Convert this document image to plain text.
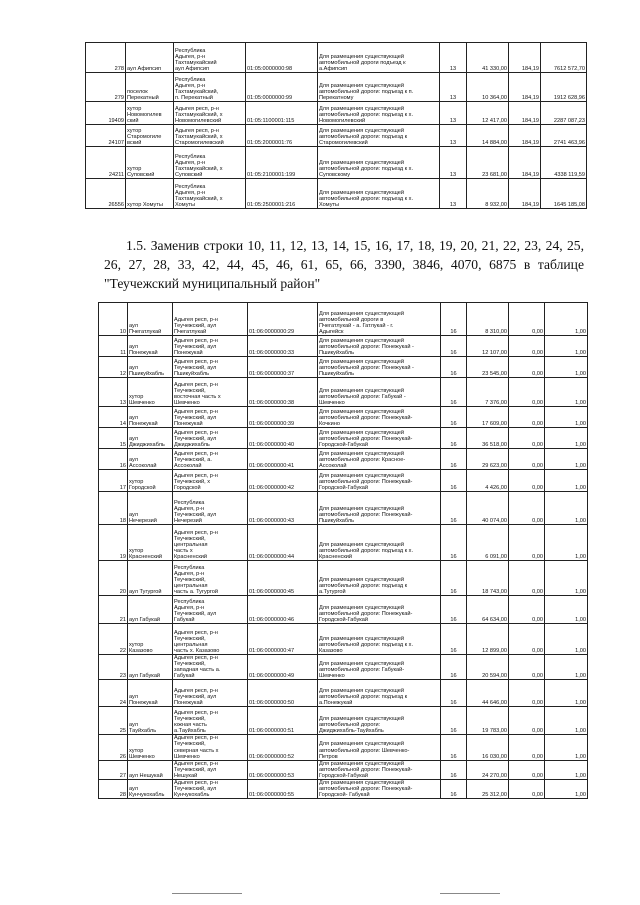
278	аул Афипсип	Республика
Адыгея, р-н
Тахтамукайский
аул Афипсип	01:05:0000000:98	Для размещения существующей
автомобильной дороги подъезд к
а.Афипсип	13	41 330,00	184,19	7612 572,70
279	поселок
Перекатный	Республика
Адыгея, р-н
Тахтамукайский,
п. Перекатный	01:05:0000000:99	Для размещения существующей
автомобильной дороги: подъезд к п.
Перекатному	13	10 364,00	184,19	1912 628,96
19409	хутор
Новомогилев
ский	Адыгея респ, р-н
Тахтамукайский, х
Новомогилевский	01:05:1100001:115	Для размещения существующей
автомобильной дороги: подъезд к х.
Новомогилевский	13	12 417,00	184,19	2287 087,23
24107	хутор
Старомогиле
вский	Адыгея респ, р-н
Тахтамукайский, х
Старомогилевский	01:05:2000001:76	Для размещения существующей
автомобильной дороги: подъезд к
Старомогилевский	13	14 884,00	184,19	2741 463,96
24211	хутор
Суповский	Республика
Адыгея, р-н
Тахтамукайский, х
Суповский	01:05:2100001:199	Для размещения существующей
автомобильной дороги: подъезд к х.
Суповскому	13	23 681,00	184,19	4338 119,59
26556	хутор Хомуты	Республика
Адыгея, р-н
Тахтамукайский, х
Хомуты	01:05:2500001:216	Для размещения существующей
автомобильной дороги: подъезд к х.
Хомуты	13	8 932,00	184,19	1645 185,08
1.5. Заменив строки 10, 11, 12, 13, 14, 15, 16, 17, 18, 19, 20, 21, 22, 23, 24, 25, 26, 27, 28, 33, 42, 44, 45, 46, 61, 65, 66, 3390, 3846, 4070, 6875 в таблице "Теучежский муниципальный район"
10	аул
Пчегатлукай	Адыгея респ, р-н
Теучежский, аул
Пчегатлукай	01:06:0000000:29	Для размещения существующей
автомобильной дороги в
Пчегатлукай - а. Гатлукай - г.
Адыгейск	16	8 310,00	0,00	1,00
11	аул
Понежукай	Адыгея респ, р-н
Теучежский, аул
Понежукай	01:06:0000000:33	Для размещения существующей
автомобильной дороги: Понежукай -
Пшикуйхабль	16	12 107,00	0,00	1,00
12	аул
Пшикуйхабль	Адыгея респ, р-н
Теучежский, аул
Пшикуйхабль	01:06:0000000:37	Для размещения существующей
автомобильной дороги: Понежукай -
Пшикуйхабль	16	23 545,00	0,00	1,00
13	хутор
Шевченко	Адыгея респ, р-н
Теучежский,
восточная часть х
Шевченко	01:06:0000000:38	Для размещения существующей
автомобильной дороги: Габукай -
Шевченко	16	7 376,00	0,00	1,00
14	аул
Понежукай	Адыгея респ, р-н
Теучежский, аул
Понежукай	01:06:0000000:39	Для размещения существующей
автомобильной дороги: Понежукай-
Кочкино	16	17 609,00	0,00	1,00
15	аул
Джиджихабль	Адыгея респ, р-н
Теучежский, аул
Джиджихабль	01:06:0000000:40	Для размещения существующей
автомобильной дороги: Понежукай-
Городской-Габукай	16	36 518,00	0,00	1,00
16	аул
Ассоколай	Адыгея респ, р-н
Теучежский, а.
Ассоколай	01:06:0000000:41	Для размещения существующей
автомобильной дороги: Красное-
Ассоколай	16	29 623,00	0,00	1,00
17	хутор
Городской	Адыгея респ, р-н
Теучежский, х
Городской	01:06:0000000:42	Для размещения существующей
автомобильной дороги: Понежукай-
Городской-Габукай	16	4 426,00	0,00	1,00
18	аул
Нечерезий	Республика
Адыгея, р-н
Теучежский, аул
Нечерезий	01:06:0000000:43	Для размещения существующей
автомобильной дороги: Понежукай-
Пшикуйхабль	16	40 074,00	0,00	1,00
19	хутор
Красненский	Адыгея респ, р-н
Теучежский,
центральная
часть х
Красненский	01:06:0000000:44	Для размещения существующей
автомобильной дороги: подъезд к х.
Красненский	16	6 091,00	0,00	1,00
20	аул Тугургой	Республика
Адыгея, р-н
Теучежский,
центральная
часть а. Тугургой	01:06:0000000:45	Для размещения существующей
автомобильной дороги: подъезд к
а.Тугургой	16	18 743,00	0,00	1,00
21	аул Габукай	Республика
Адыгея, р-н
Теучежский, аул
Габукай	01:06:0000000:46	Для размещения существующей
автомобильной дороги: Понежукай-
Городской-Габукай	16	64 634,00	0,00	1,00
22	хутор
Казазово	Адыгея респ, р-н
Теучежский,
центральная
часть х. Казазово	01:06:0000000:47	Для размещения существующей
автомобильной дороги: подъезд к х.
Казазово	16	12 899,00	0,00	1,00
23	аул Габукай	Адыгея респ, р-н
Теучежский,
западная часть а.
Габукай	01:06:0000000:49	Для размещения существующей
автомобильной дороги: Габукай-
Шевченко	16	20 594,00	0,00	1,00
24	аул
Понежукай	Адыгея респ, р-н
Теучежский, аул
Понежукай	01:06:0000000:50	Для размещения существующей
автомобильной дороги: подъезд к
а.Понежукай	16	44 646,00	0,00	1,00
25	аул
Тауйхабль	Адыгея респ, р-н
Теучежский,
южная часть
а.Тауйхабль	01:06:0000000:51	Для размещения существующей
автомобильной дороги:
Джиджихабль-Тауйхабль	16	19 783,00	0,00	1,00
26	хутор
Шевченко	Адыгея респ, р-н
Теучежский,
северная часть х
Шевченко	01:06:0000000:52	Для размещения существующей
автомобильной дороги: Шевченко-
Петров	16	16 030,00	0,00	1,00
27	аул Нешукай	Адыгея респ, р-н
Теучежский, аул
Нешукай	01:06:0000000:53	Для размещения существующей
автомобильной дороги: Понежукай-
Городской-Габукай	16	24 270,00	0,00	1,00
28	аул
Кунчукохабль	Адыгея респ, р-н
Теучежский, аул
Кунчукохабль	01:06:0000000:55	Для размещения существующей
автомобильной дороги: Понежукай-
Городской- Габукай	16	25 312,00	0,00	1,00
